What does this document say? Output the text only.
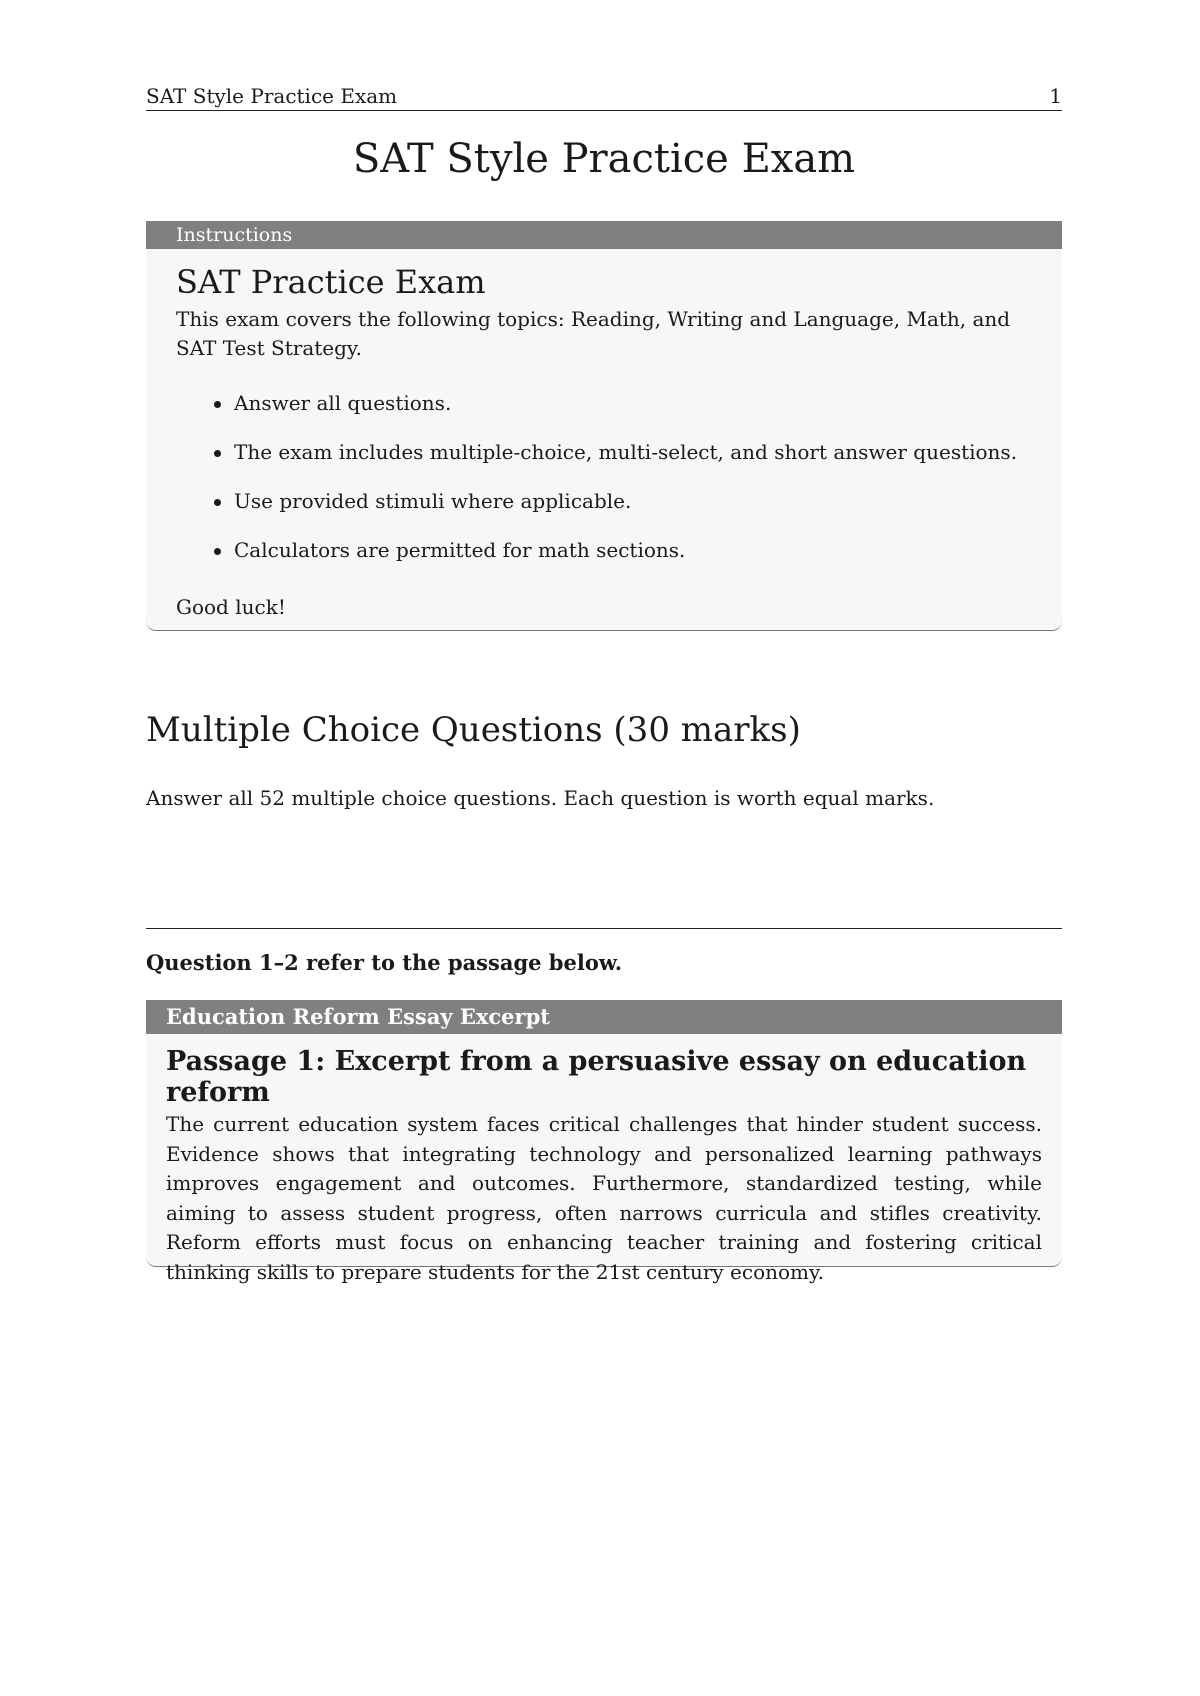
SAT Style Practice Exam	1
SAT Style Practice Exam
Instructions
SAT Practice Exam

This exam covers the following topics: Reading, Writing and Language, Math, and SAT Test Strategy.

Answer all questions.
The exam includes multiple-choice, multi-select, and short answer questions.
Use provided stimuli where applicable.
Calculators are permitted for math sections.

Good luck!

Multiple Choice Questions (30 marks)

Answer all 52 multiple choice questions. Each question is worth equal marks.

Question 1–2 refer to the passage below.

Education Reform Essay Excerpt
Passage 1: Excerpt from a persuasive essay on education reform

The current education system faces critical challenges that hinder student success. Evidence shows that integrating technology and personalized learning pathways improves engagement and outcomes. Furthermore, standardized testing, while aiming to assess student progress, often narrows curricula and stifles creativity. Reform efforts must focus on enhancing teacher training and fostering critical thinking skills to prepare students for the 21st century economy.
